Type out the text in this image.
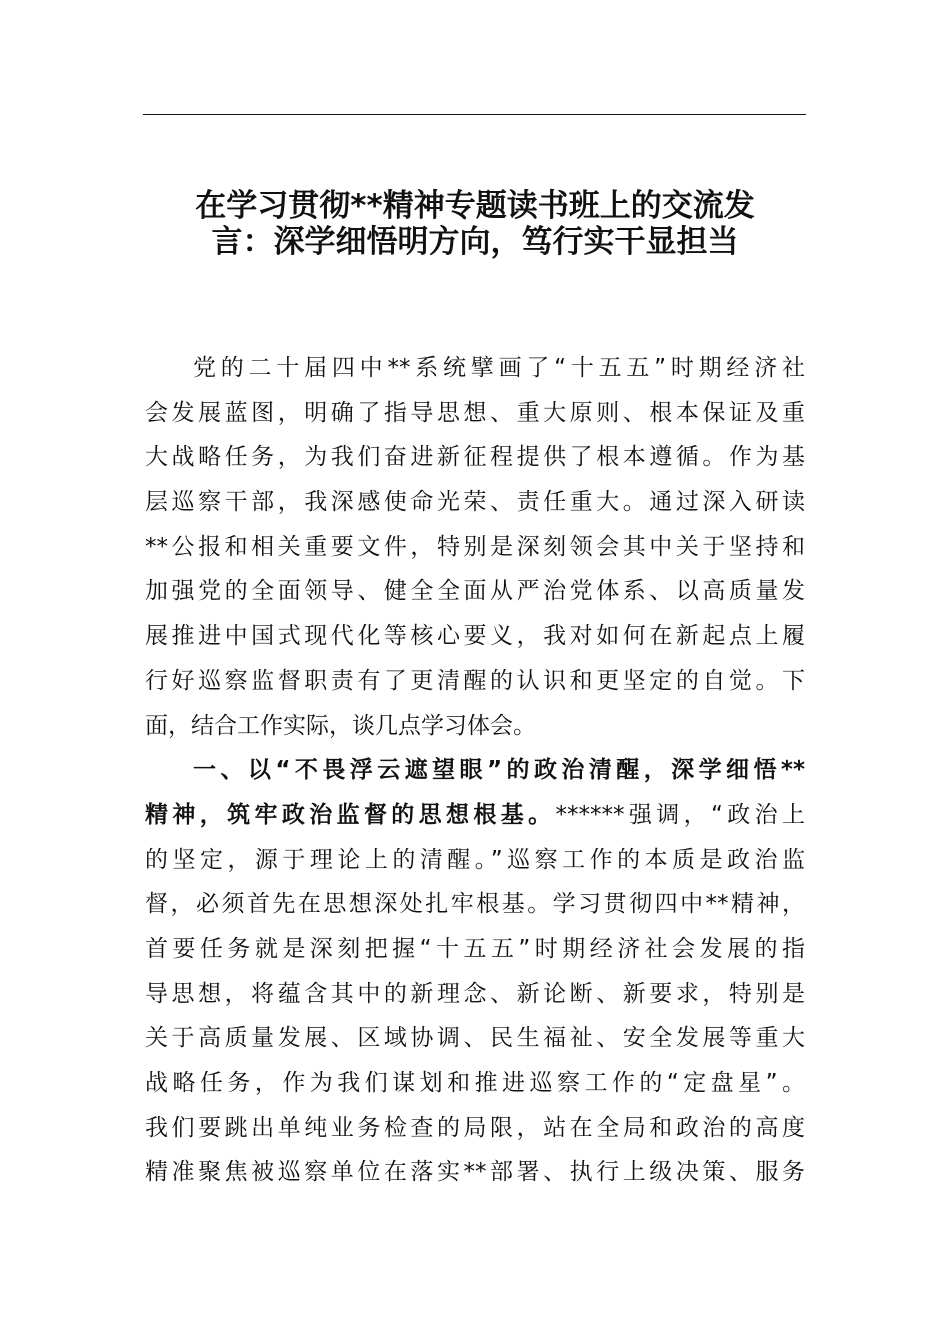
在学习贯彻**精神专题读书班上的交流发
言：深学细悟明方向，笃行实干显担当
党的二十届四中**系统擘画了“十五五”时期经济社
会发展蓝图，明确了指导思想、重大原则、根本保证及重
大战略任务，为我们奋进新征程提供了根本遵循。作为基
层巡察干部，我深感使命光荣、责任重大。通过深入研读
**公报和相关重要文件，特别是深刻领会其中关于坚持和
加强党的全面领导、健全全面从严治党体系、以高质量发
展推进中国式现代化等核心要义，我对如何在新起点上履
行好巡察监督职责有了更清醒的认识和更坚定的自觉。下
面，结合工作实际，谈几点学习体会。
一、以“不畏浮云遮望眼”的政治清醒，深学细悟**
精神，筑牢政治监督的思想根基。******强调，“政治上
的坚定，源于理论上的清醒。”巡察工作的本质是政治监
督，必须首先在思想深处扎牢根基。学习贯彻四中**精神，
首要任务就是深刻把握“十五五”时期经济社会发展的指
导思想，将蕴含其中的新理念、新论断、新要求，特别是
关于高质量发展、区域协调、民生福祉、安全发展等重大
战略任务，作为我们谋划和推进巡察工作的“定盘星”。
我们要跳出单纯业务检查的局限，站在全局和政治的高度
精准聚焦被巡察单位在落实**部署、执行上级决策、服务
